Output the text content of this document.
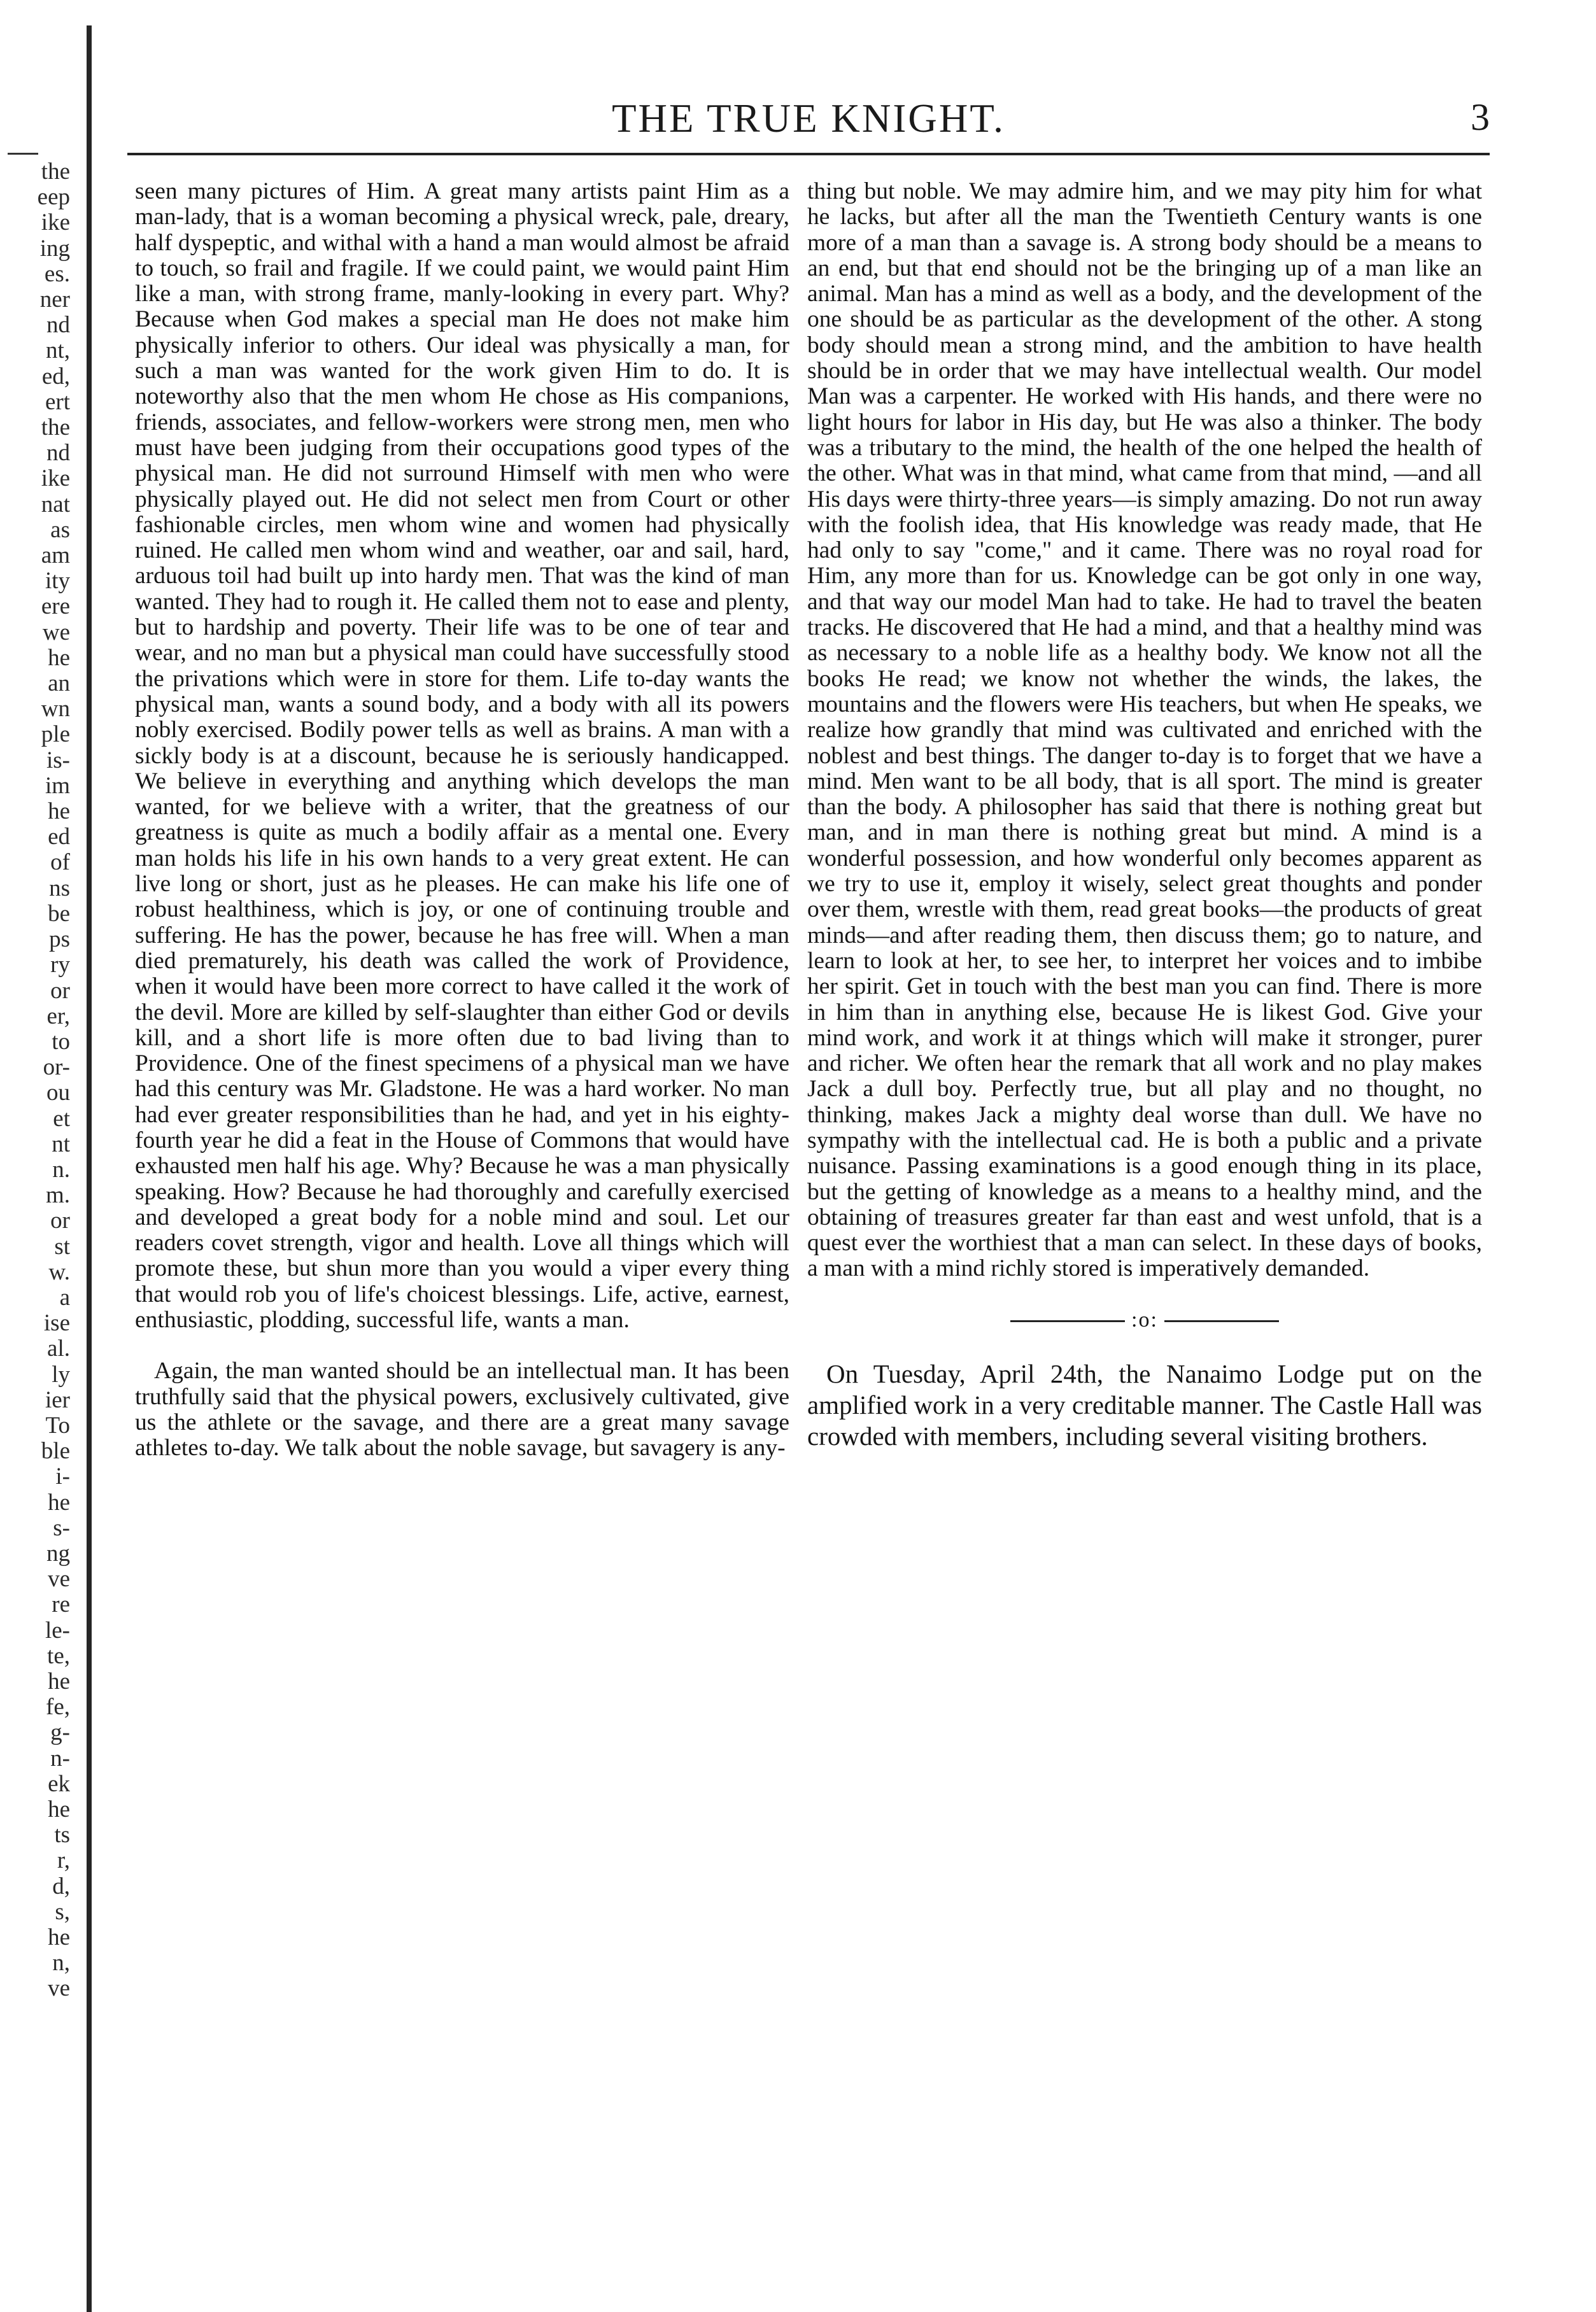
the
eep
ike
ing
es.
ner
nd
nt,
ed,
ert
the
nd
ike
nat
as
am
ity
ere
we
he
an
wn
ple
is-
im
he
ed
of
ns
be
ps
ry
or
er,
to
or-
ou
et
nt
n.
m.
or
st
w.
a
ise
al.
ly
ier
To
ble
i-
he
s-
ng
ve
re
le-
te,
he
fe,
g-
n-
ek
he
ts
r,
d,
s,
he
n,
ve
THE TRUE KNIGHT.	3

seen many pictures of Him. A great many artists paint Him as a man-lady, that is a woman becoming a physical wreck, pale, dreary, half dyspeptic, and withal with a hand a man would almost be afraid to touch, so frail and fragile. If we could paint, we would paint Him like a man, with strong frame, manly-looking in every part. Why? Because when God makes a special man He does not make him physically inferior to others. Our ideal was physically a man, for such a man was wanted for the work given Him to do. It is noteworthy also that the men whom He chose as His companions, friends, associates, and fellow-workers were strong men, men who must have been judging from their occupations good types of the physical man. He did not surround Himself with men who were physically played out. He did not select men from Court or other fashionable circles, men whom wine and women had physically ruined. He called men whom wind and weather, oar and sail, hard, arduous toil had built up into hardy men. That was the kind of man wanted. They had to rough it. He called them not to ease and plenty, but to hardship and poverty. Their life was to be one of tear and wear, and no man but a physical man could have successfully stood the privations which were in store for them. Life to-day wants the physical man, wants a sound body, and a body with all its powers nobly exercised. Bodily power tells as well as brains. A man with a sickly body is at a discount, because he is seriously handicapped. We believe in everything and anything which develops the man wanted, for we believe with a writer, that the greatness of our greatness is quite as much a bodily affair as a mental one. Every man holds his life in his own hands to a very great extent. He can live long or short, just as he pleases. He can make his life one of robust healthiness, which is joy, or one of continuing trouble and suffering. He has the power, because he has free will. When a man died prematurely, his death was called the work of Providence, when it would have been more correct to have called it the work of the devil. More are killed by self-slaughter than either God or devils kill, and a short life is more often due to bad living than to Providence. One of the finest specimens of a physical man we have had this century was Mr. Gladstone. He was a hard worker. No man had ever greater responsibilities than he had, and yet in his eighty-fourth year he did a feat in the House of Commons that would have exhausted men half his age. Why? Because he was a man physically speaking. How? Because he had thoroughly and carefully exercised and developed a great body for a noble mind and soul. Let our readers covet strength, vigor and health. Love all things which will promote these, but shun more than you would a viper every thing that would rob you of life's choicest blessings. Life, active, earnest, enthusiastic, plodding, successful life, wants a man.

Again, the man wanted should be an intellectual man. It has been truthfully said that the physical powers, exclusively cultivated, give us the athlete or the savage, and there are a great many savage athletes to-day. We talk about the noble savage, but savagery is any-

thing but noble. We may admire him, and we may pity him for what he lacks, but after all the man the Twentieth Century wants is one more of a man than a savage is. A strong body should be a means to an end, but that end should not be the bringing up of a man like an animal. Man has a mind as well as a body, and the development of the one should be as particular as the development of the other. A stong body should mean a strong mind, and the ambition to have health should be in order that we may have intellectual wealth. Our model Man was a carpenter. He worked with His hands, and there were no light hours for labor in His day, but He was also a thinker. The body was a tributary to the mind, the health of the one helped the health of the other. What was in that mind, what came from that mind, —and all His days were thirty-three years—is simply amazing. Do not run away with the foolish idea, that His knowledge was ready made, that He had only to say "come," and it came. There was no royal road for Him, any more than for us. Knowledge can be got only in one way, and that way our model Man had to take. He had to travel the beaten tracks. He discovered that He had a mind, and that a healthy mind was as necessary to a noble life as a healthy body. We know not all the books He read; we know not whether the winds, the lakes, the mountains and the flowers were His teachers, but when He speaks, we realize how grandly that mind was cultivated and enriched with the noblest and best things. The danger to-day is to forget that we have a mind. Men want to be all body, that is all sport. The mind is greater than the body. A philosopher has said that there is nothing great but man, and in man there is nothing great but mind. A mind is a wonderful possession, and how wonderful only becomes apparent as we try to use it, employ it wisely, select great thoughts and ponder over them, wrestle with them, read great books—the products of great minds—and after reading them, then discuss them; go to nature, and learn to look at her, to see her, to interpret her voices and to imbibe her spirit. Get in touch with the best man you can find. There is more in him than in anything else, because He is likest God. Give your mind work, and work it at things which will make it stronger, purer and richer. We often hear the remark that all work and no play makes Jack a dull boy. Perfectly true, but all play and no thought, no thinking, makes Jack a mighty deal worse than dull. We have no sympathy with the intellectual cad. He is both a public and a private nuisance. Passing examinations is a good enough thing in its place, but the getting of knowledge as a means to a healthy mind, and the obtaining of treasures greater far than east and west unfold, that is a quest ever the worthiest that a man can select. In these days of books, a man with a mind richly stored is imperatively demanded.

:o:

On Tuesday, April 24th, the Nanaimo Lodge put on the amplified work in a very creditable manner. The Castle Hall was crowded with members, including several visiting brothers.
